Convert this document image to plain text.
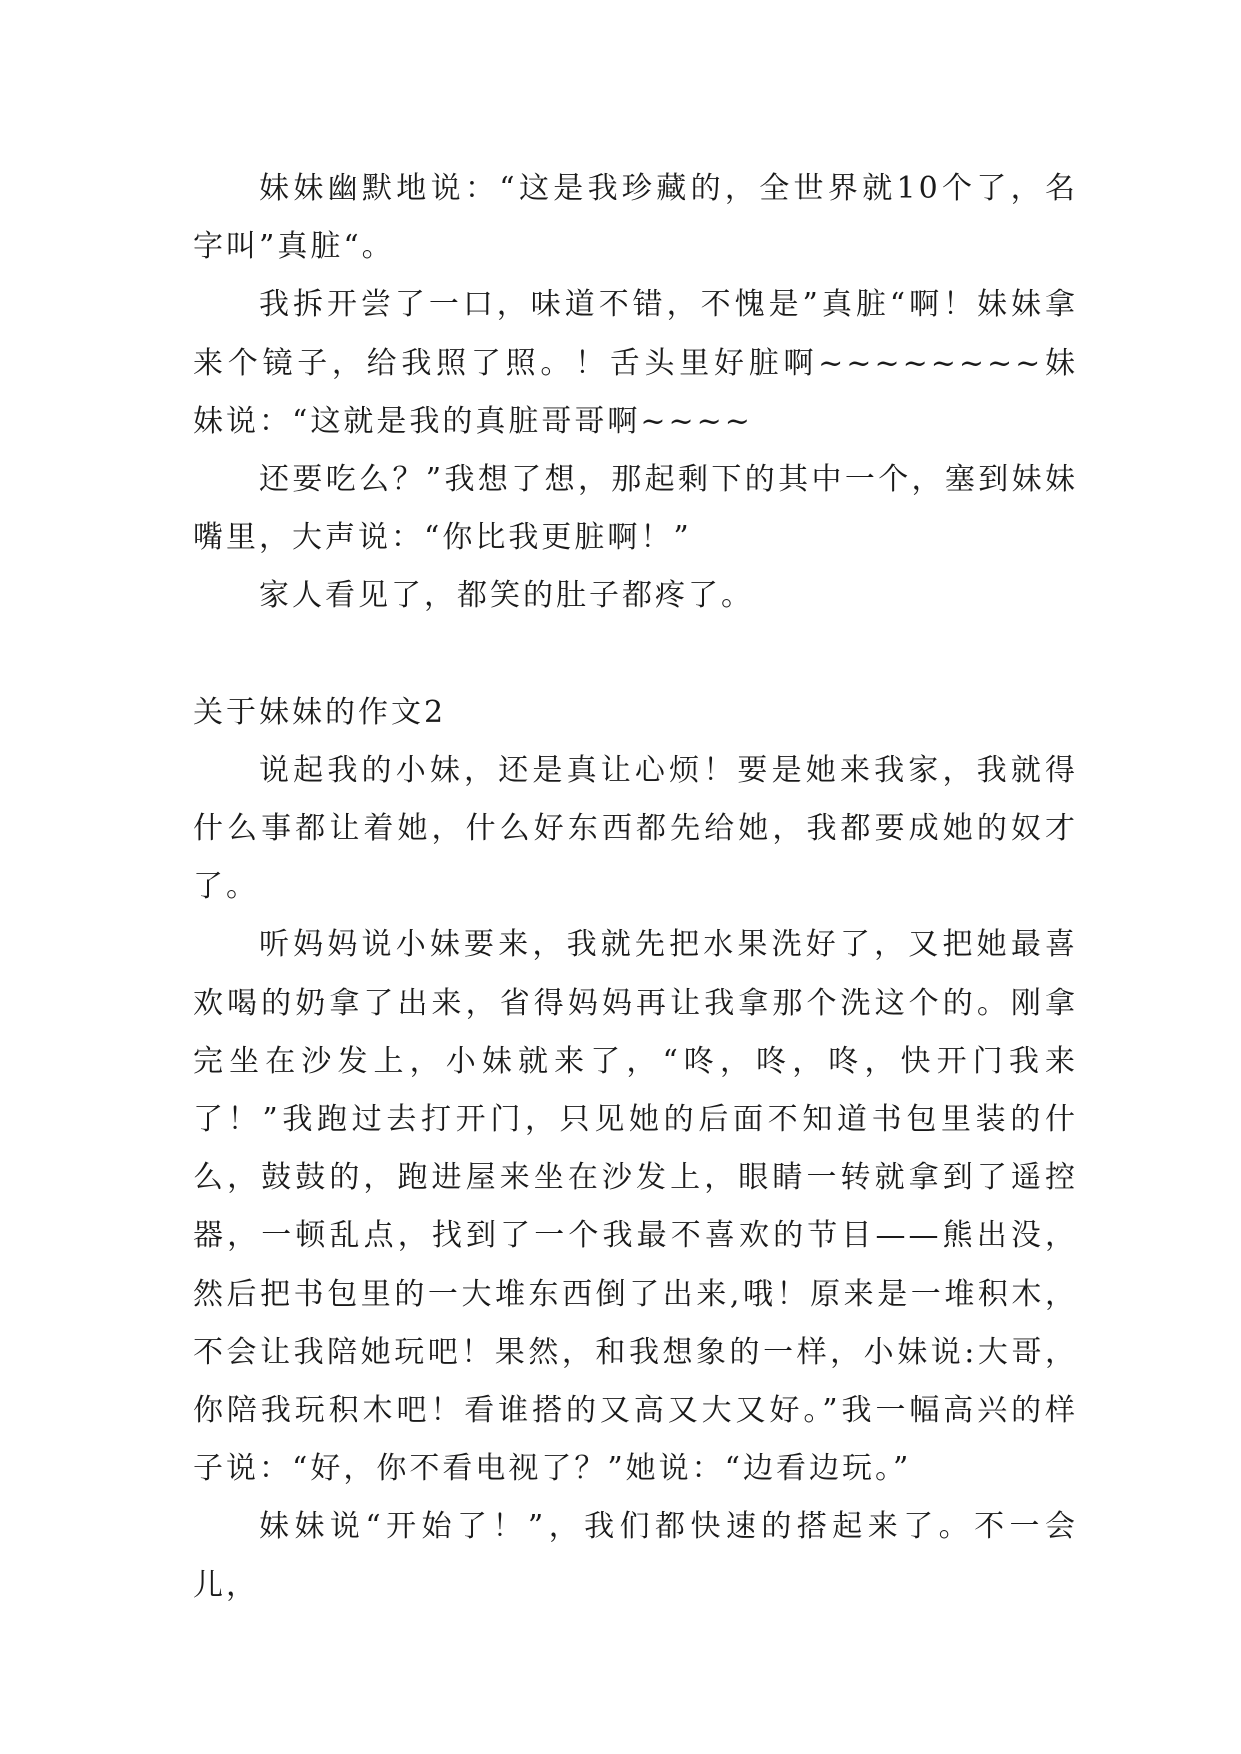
妹妹幽默地说：“这是我珍藏的，全世界就10个了，名字叫”真脏“。

我拆开尝了一口，味道不错，不愧是”真脏“啊！妹妹拿来个镜子，给我照了照。！舌头里好脏啊~~~~~~~~妹妹说：“这就是我的真脏哥哥啊~~~~

还要吃么？”我想了想，那起剩下的其中一个，塞到妹妹嘴里，大声说：“你比我更脏啊！”

家人看见了，都笑的肚子都疼了。

关于妹妹的作文2

说起我的小妹，还是真让心烦！要是她来我家，我就得什么事都让着她，什么好东西都先给她，我都要成她的奴才了。

听妈妈说小妹要来，我就先把水果洗好了，又把她最喜欢喝的奶拿了出来，省得妈妈再让我拿那个洗这个的。刚拿完坐在沙发上，小妹就来了，“咚，咚，咚，快开门我来了！”我跑过去打开门，只见她的后面不知道书包里装的什么，鼓鼓的，跑进屋来坐在沙发上，眼睛一转就拿到了遥控器，一顿乱点，找到了一个我最不喜欢的节目——熊出没，然后把书包里的一大堆东西倒了出来,哦！原来是一堆积木，不会让我陪她玩吧！果然，和我想象的一样，小妹说:大哥，你陪我玩积木吧！看谁搭的又高又大又好。”我一幅高兴的样子说：“好，你不看电视了？”她说：“边看边玩。”

妹妹说“开始了！”，我们都快速的搭起来了。不一会儿，
